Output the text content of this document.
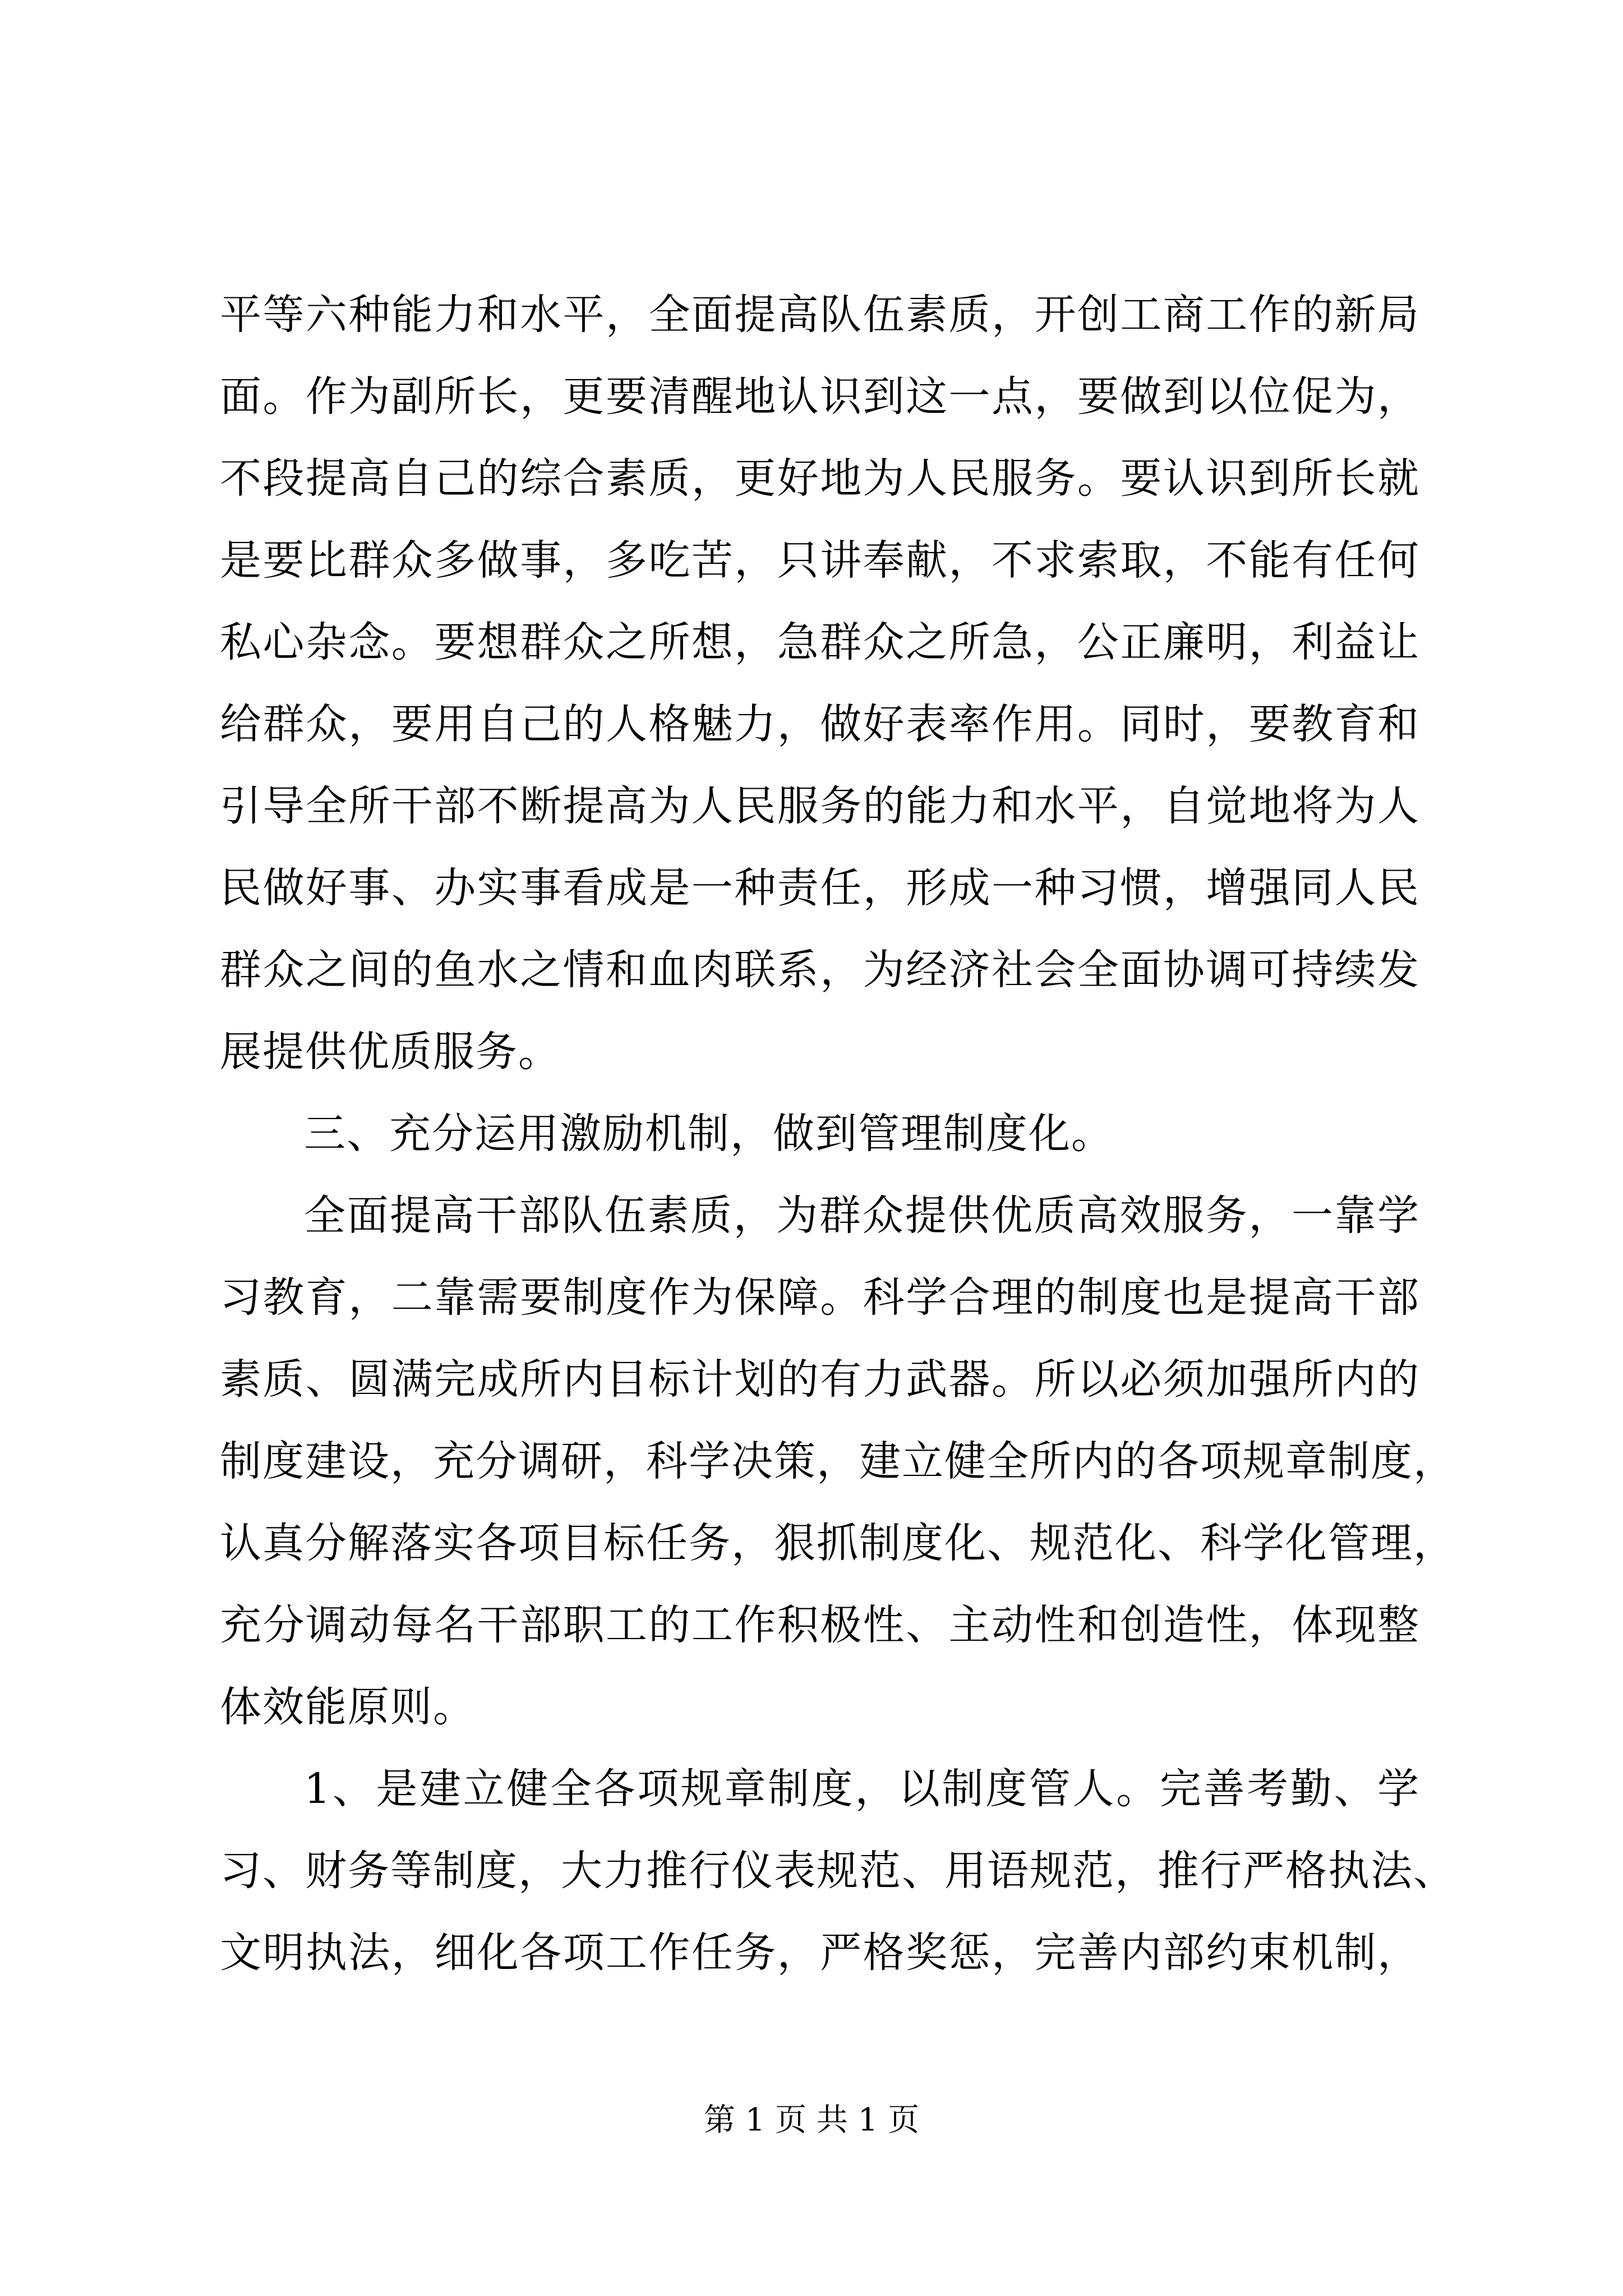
平等六种能力和水平，全面提高队伍素质，开创工商工作的新局
面。作为副所长，更要清醒地认识到这一点，要做到以位促为，
不段提高自己的综合素质，更好地为人民服务。要认识到所长就
是要比群众多做事，多吃苦，只讲奉献，不求索取，不能有任何
私心杂念。要想群众之所想，急群众之所急，公正廉明，利益让
给群众，要用自己的人格魅力，做好表率作用。同时，要教育和
引导全所干部不断提高为人民服务的能力和水平，自觉地将为人
民做好事、办实事看成是一种责任，形成一种习惯，增强同人民
群众之间的鱼水之情和血肉联系，为经济社会全面协调可持续发
展提供优质服务。
三、充分运用激励机制，做到管理制度化。
全面提高干部队伍素质，为群众提供优质高效服务，一靠学
习教育，二靠需要制度作为保障。科学合理的制度也是提高干部
素质、圆满完成所内目标计划的有力武器。所以必须加强所内的
制度建设，充分调研，科学决策，建立健全所内的各项规章制度，
认真分解落实各项目标任务，狠抓制度化、规范化、科学化管理，
充分调动每名干部职工的工作积极性、主动性和创造性，体现整
体效能原则。
1、是建立健全各项规章制度，以制度管人。完善考勤、学
习、财务等制度，大力推行仪表规范、用语规范，推行严格执法、
文明执法，细化各项工作任务，严格奖惩，完善内部约束机制，
第 1 页 共 1 页
